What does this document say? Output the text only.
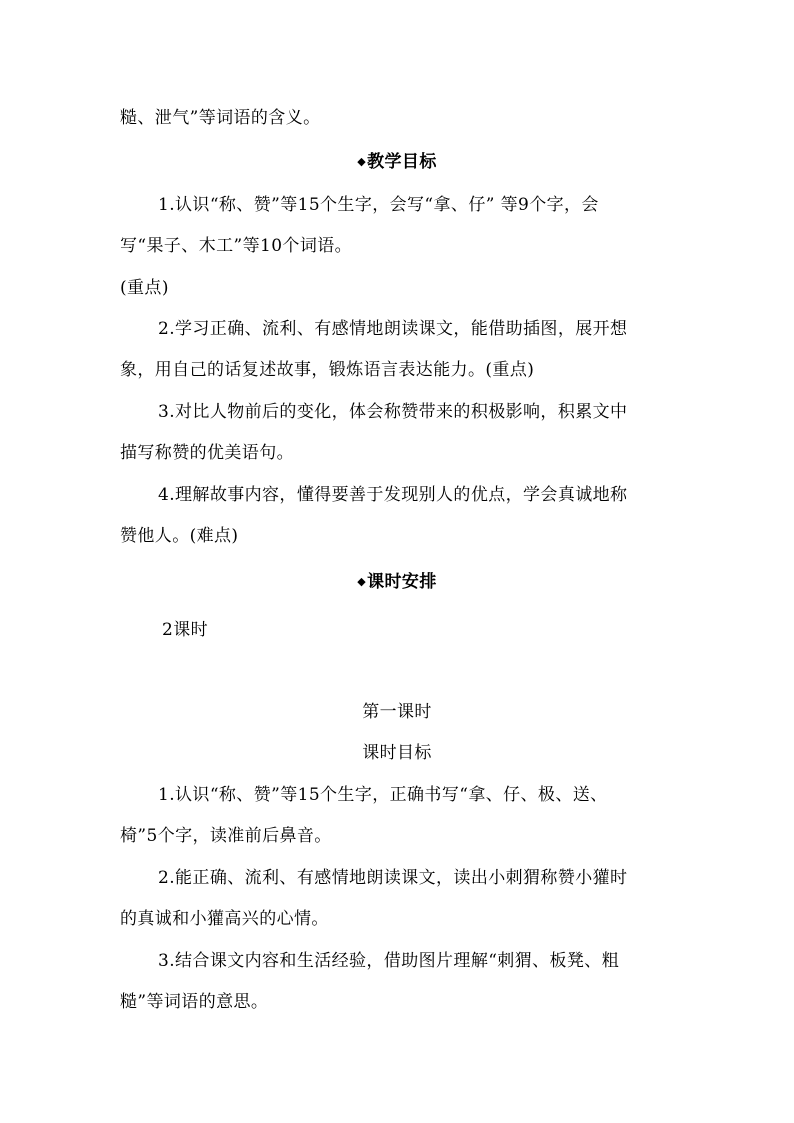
糙、泄气”等词语的含义。
◆教学目标
1.认识“称、赞”等15个生字，会写“拿、仔” 等9个字，会
写“果子、木工”等10个词语。
(重点)
2.学习正确、流利、有感情地朗读课文，能借助插图，展开想
象，用自己的话复述故事，锻炼语言表达能力。(重点)
3.对比人物前后的变化，体会称赞带来的积极影响，积累文中
描写称赞的优美语句。
4.理解故事内容，懂得要善于发现别人的优点，学会真诚地称
赞他人。(难点)
◆课时安排
2课时
第一课时
课时目标
1.认识“称、赞”等15个生字，正确书写“拿、仔、极、送、
椅”5个字，读准前后鼻音。
2.能正确、流利、有感情地朗读课文，读出小刺猬称赞小獾时
的真诚和小獾高兴的心情。
3.结合课文内容和生活经验，借助图片理解“刺猬、板凳、粗
糙”等词语的意思。
